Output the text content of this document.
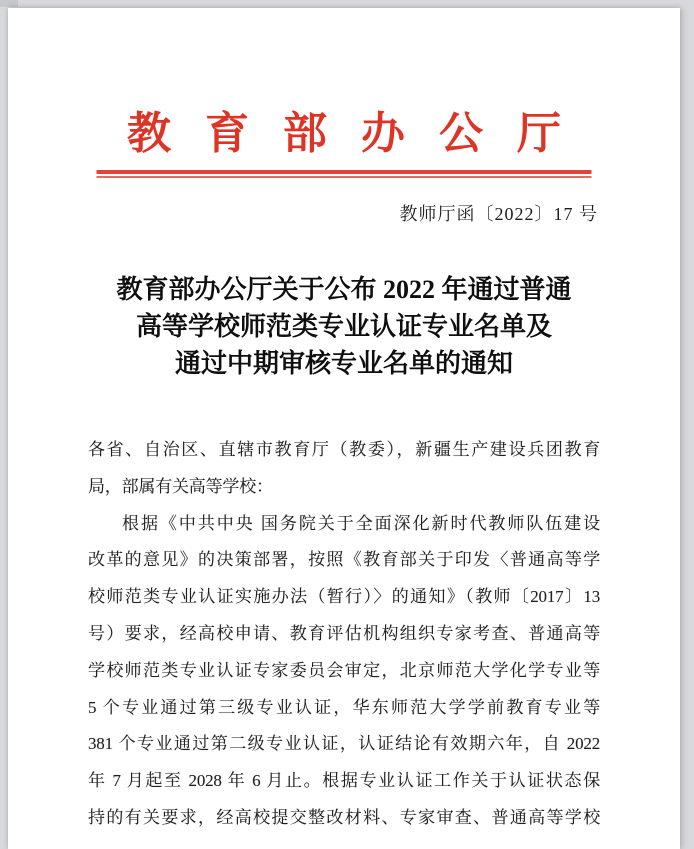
教育部办公厅
教师厅函〔2022〕17 号
教育部办公厅关于公布 2022 年通过普通
高等学校师范类专业认证专业名单及
通过中期审核专业名单的通知
各省、自治区、直辖市教育厅（教委），新疆生产建设兵团教育
局，部属有关高等学校：
根据《中共中央 国务院关于全面深化新时代教师队伍建设
改革的意见》的决策部署，按照《教育部关于印发〈普通高等学
校师范类专业认证实施办法（暂行）〉的通知》（教师〔2017〕13
号）要求，经高校申请、教育评估机构组织专家考查、普通高等
学校师范类专业认证专家委员会审定，北京师范大学化学专业等
5 个专业通过第三级专业认证，华东师范大学学前教育专业等
381 个专业通过第二级专业认证，认证结论有效期六年，自 2022
年 7 月起至 2028 年 6 月止。根据专业认证工作关于认证状态保
持的有关要求，经高校提交整改材料、专家审查、普通高等学校
